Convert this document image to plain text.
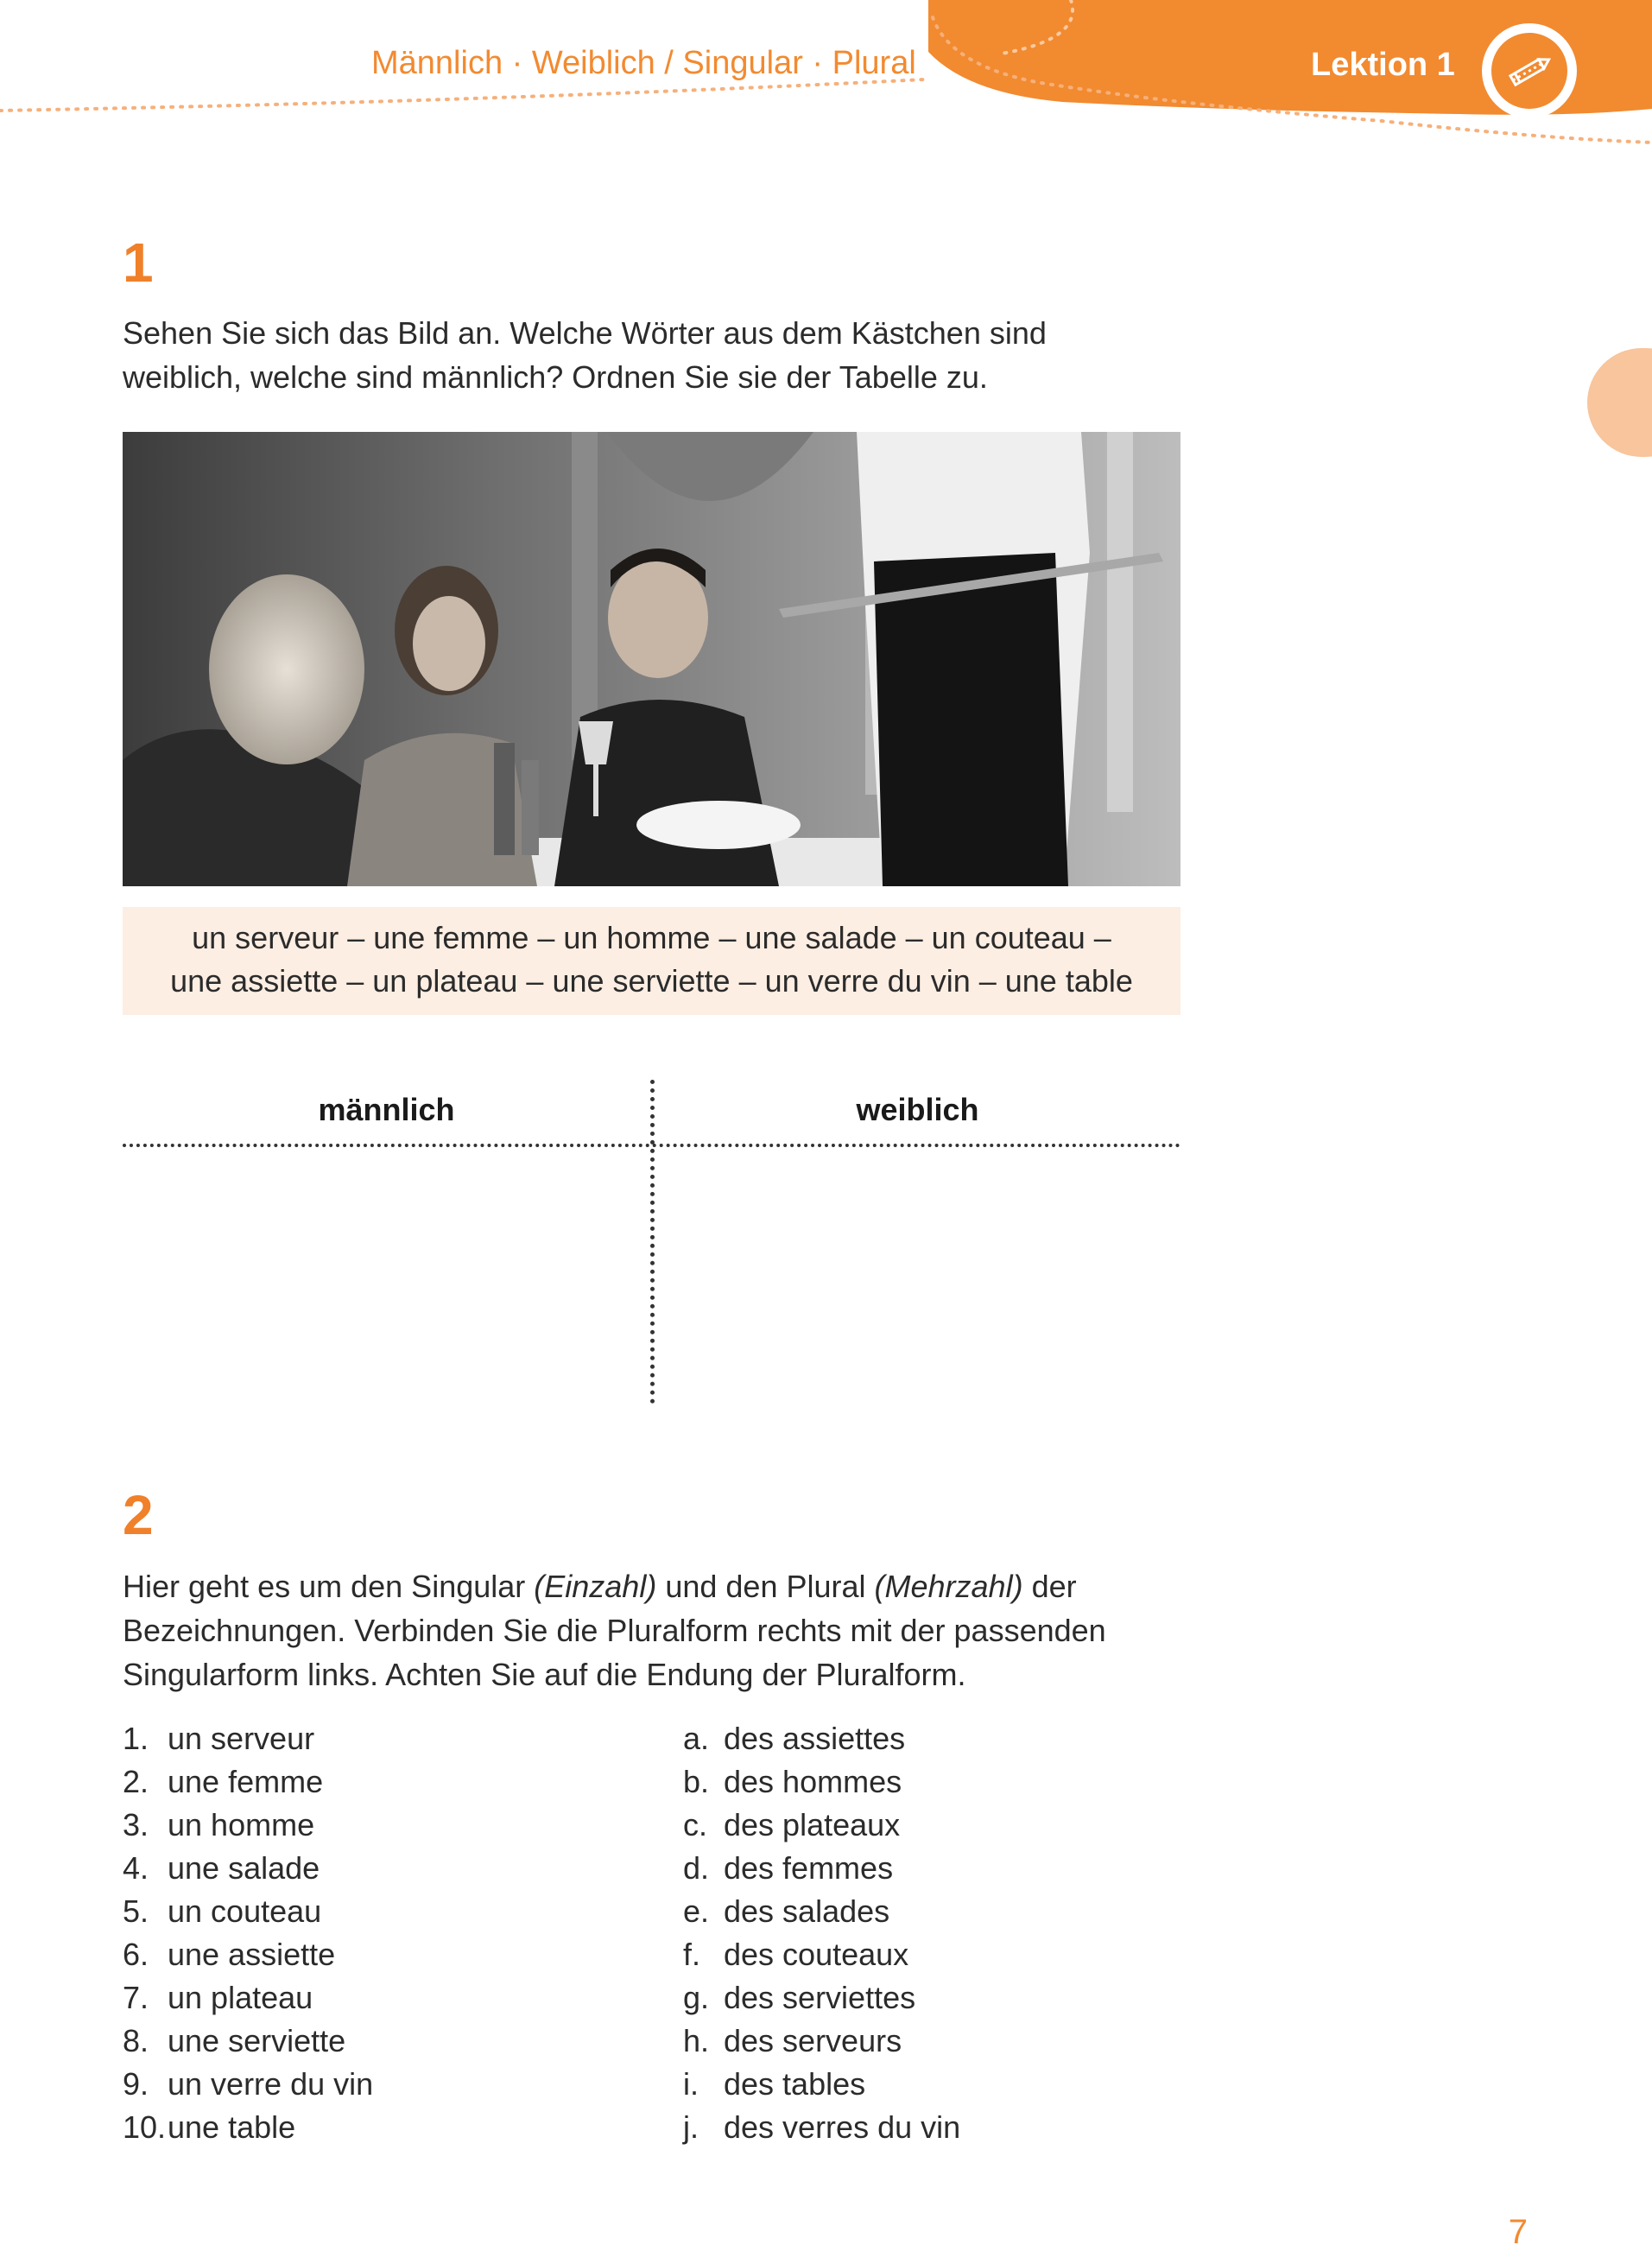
Männlich · Weiblich / Singular · Plural	Lektion 1
1
Sehen Sie sich das Bild an. Welche Wörter aus dem Kästchen sind
weiblich, welche sind männlich? Ordnen Sie sie der Tabelle zu.
un serveur – une femme – un homme – une salade – un couteau –
une assiette – un plateau – une serviette – un verre du vin – une table
männlich	weiblich
2
Hier geht es um den Singular (Einzahl) und den Plural (Mehrzahl) der
Bezeichnungen. Verbinden Sie die Pluralform rechts mit der passenden
Singularform links. Achten Sie auf die Endung der Pluralform.
1. un serveur
2. une femme
3. un homme
4. une salade
5. un couteau
6. une assiette
7. un plateau
8. une serviette
9. un verre du vin
10. une table
a. des assiettes
b. des hommes
c. des plateaux
d. des femmes
e. des salades
f. des couteaux
g. des serviettes
h. des serveurs
i. des tables
j. des verres du vin
7
